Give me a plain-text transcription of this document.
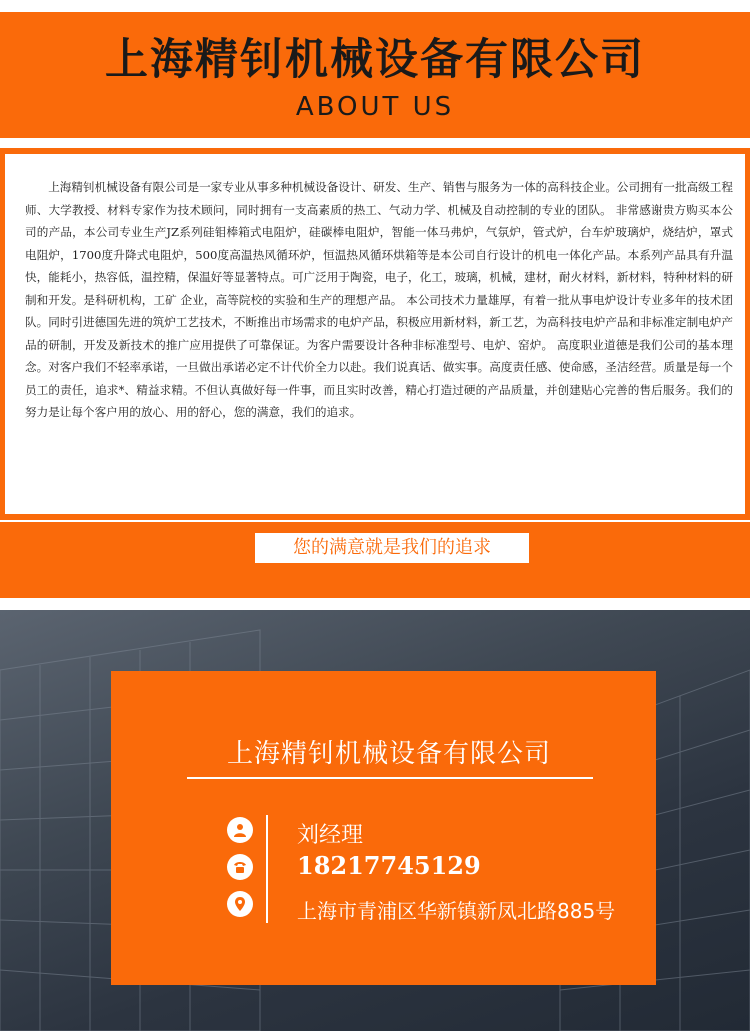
上海精钊机械设备有限公司
ABOUT US

上海精钊机械设备有限公司是一家专业从事多种机械设备设计、研发、生产、销售与服务为一体的高科技企业。公司拥有一批高级工程师、大学教授、材料专家作为技术顾问，同时拥有一支高素质的热工、气动力学、机械及自动控制的专业的团队。 非常感谢贵方购买本公司的产品，本公司专业生产JZ系列硅钼棒箱式电阻炉，硅碳棒电阻炉，智能一体马弗炉，气氛炉，管式炉，台车炉玻璃炉，烧结炉，罩式电阻炉，1700度升降式电阻炉，500度高温热风循环炉，恒温热风循环烘箱等是本公司自行设计的机电一体化产品。本系列产品具有升温快，能耗小，热容低，温控精，保温好等显著特点。可广泛用于陶瓷，电子，化工，玻璃，机械，建材，耐火材料，新材料，特种材料的研制和开发。是科研机构，工矿 企业，高等院校的实验和生产的理想产品。 本公司技术力量雄厚，有着一批从事电炉设计专业多年的技术团队。同时引进德国先进的筑炉工艺技术，不断推出市场需求的电炉产品，积极应用新材料，新工艺，为高科技电炉产品和非标准定制电炉产品的研制，开发及新技术的推广应用提供了可靠保证。为客户需要设计各种非标准型号、电炉、窑炉。 高度职业道德是我们公司的基本理念。对客户我们不轻率承诺，一旦做出承诺必定不计代价全力以赴。我们说真话、做实事。高度责任感、使命感，圣洁经营。质量是每一个员工的责任，追求*、精益求精。不但认真做好每一件事，而且实时改善，精心打造过硬的产品质量，并创建贴心完善的售后服务。我们的努力是让每个客户用的放心、用的舒心，您的满意，我们的追求。

您的满意就是我们的追求
上海精钊机械设备有限公司
刘经理
18217745129
上海市青浦区华新镇新凤北路885号
